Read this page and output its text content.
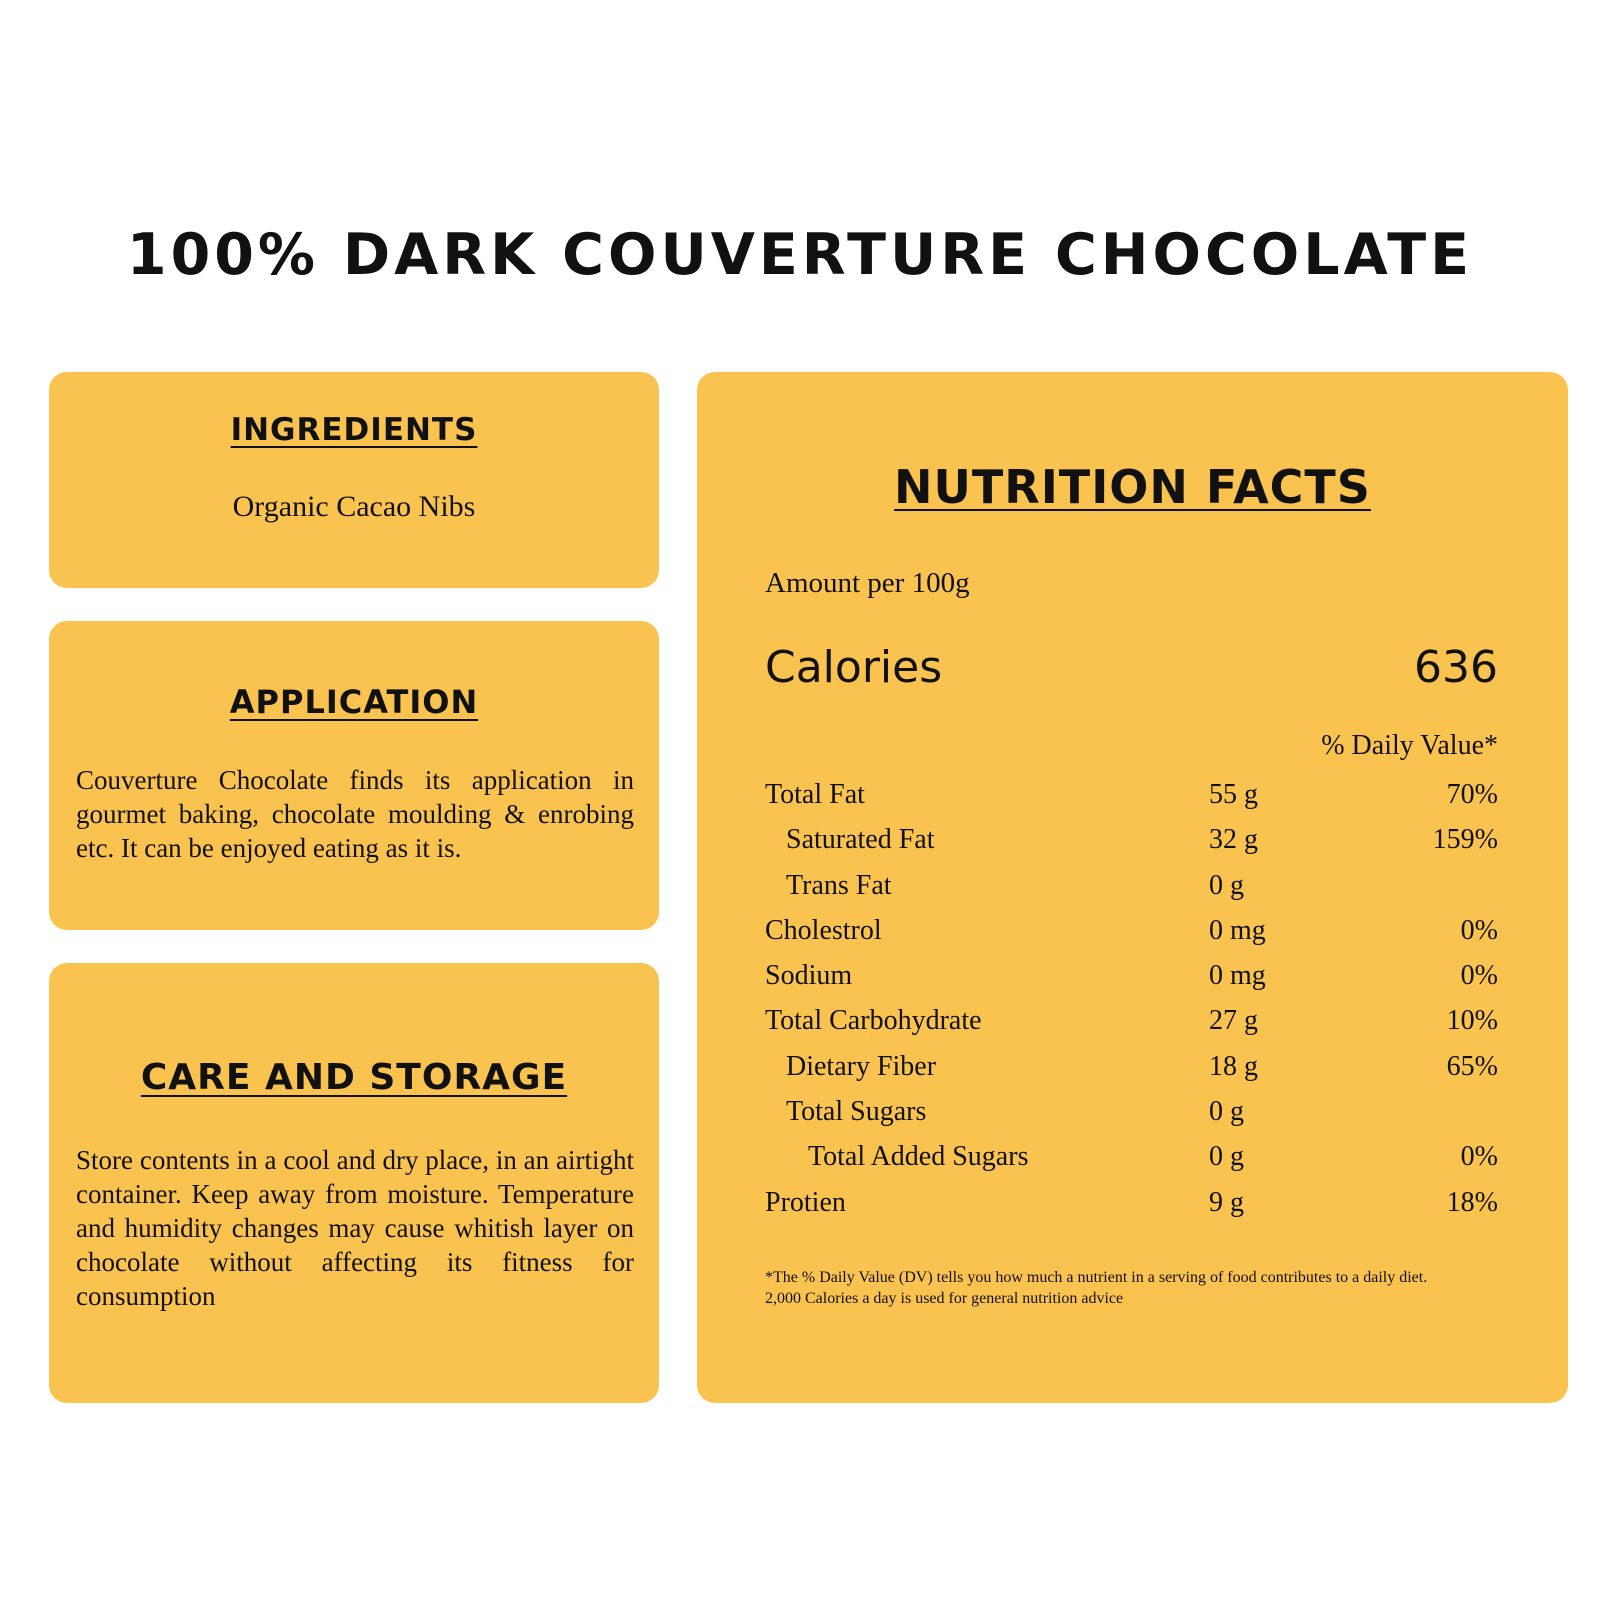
100% DARK COUVERTURE CHOCOLATE
INGREDIENTS
Organic Cacao Nibs
APPLICATION
Couverture Chocolate finds its application in gourmet baking, chocolate moulding & enrobing etc. It can be enjoyed eating as it is.
CARE AND STORAGE
Store contents in a cool and dry place, in an airtight container. Keep away from moisture. Temperature and humidity changes may cause whitish layer on chocolate without affecting its fitness for consumption
NUTRITION FACTS
Amount per 100g
Calories	636
% Daily Value*
Total Fat	55 g	70%
Saturated Fat	32 g	159%
Trans Fat	0 g
Cholestrol	0 mg	0%
Sodium	0 mg	0%
Total Carbohydrate	27 g	10%
Dietary Fiber	18 g	65%
Total Sugars	0 g
Total Added Sugars	0 g	0%
Protien	9 g	18%
*The % Daily Value (DV) tells you how much a nutrient in a serving of food contributes to a daily diet.
2,000 Calories a day is used for general nutrition advice
